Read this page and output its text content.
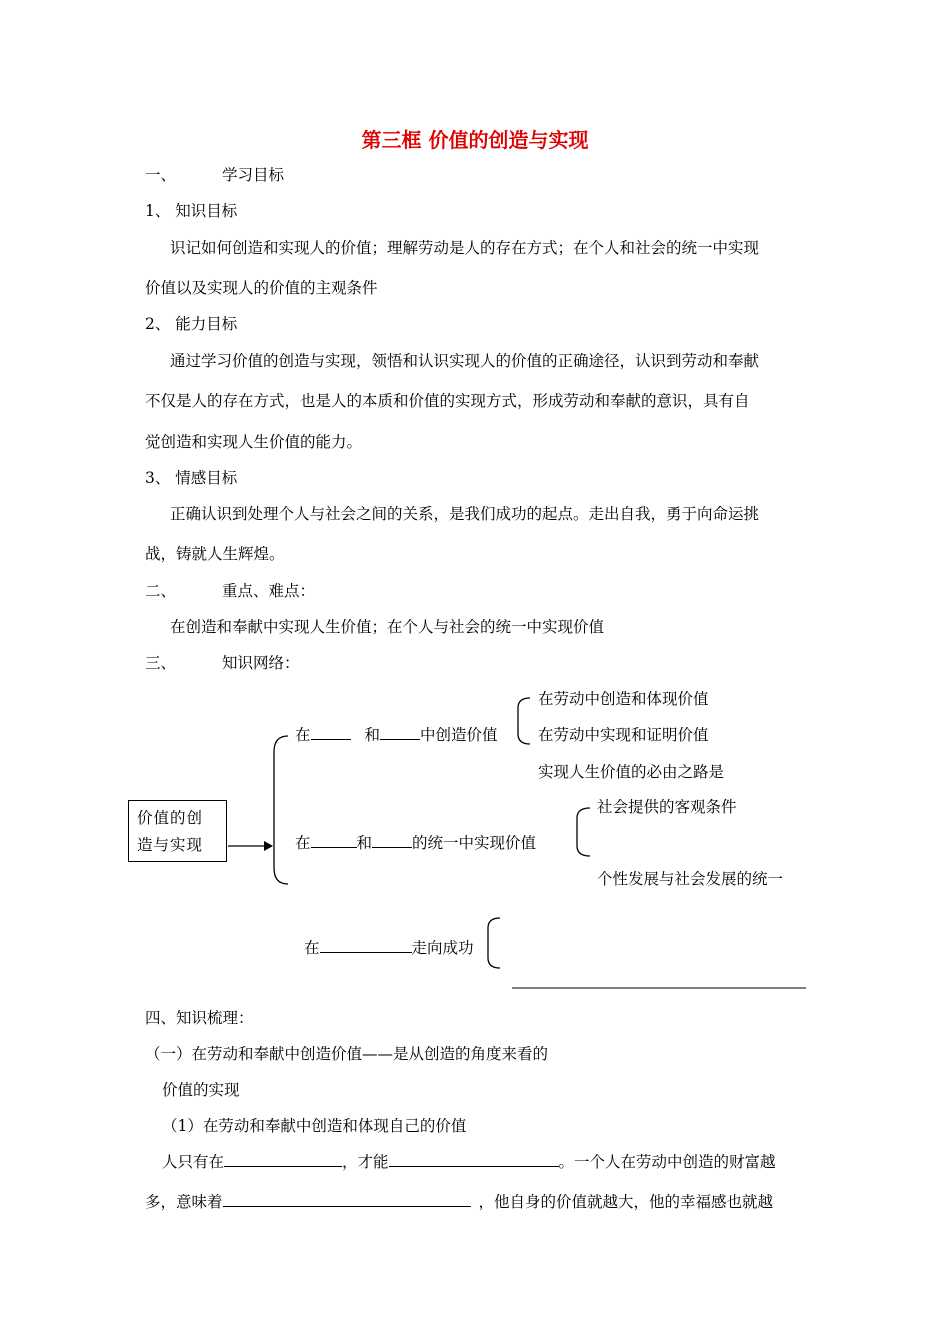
第三框 价值的创造与实现
一、	学习目标
1、 知识目标
识记如何创造和实现人的价值；理解劳动是人的存在方式；在个人和社会的统一中实现
价值以及实现人的价值的主观条件
2、 能力目标
通过学习价值的创造与实现，领悟和认识实现人的价值的正确途径，认识到劳动和奉献
不仅是人的存在方式，也是人的本质和价值的实现方式，形成劳动和奉献的意识，具有自
觉创造和实现人生价值的能力。
3、 情感目标
正确认识到处理个人与社会之间的关系，是我们成功的起点。走出自我，勇于向命运挑
战，铸就人生辉煌。
二、	重点、难点：
在创造和奉献中实现人生价值；在个人与社会的统一中实现价值
三、	知识网络：
价值的创
造与实现
在	和	中创造价值
在劳动中创造和体现价值
在劳动中实现和证明价值
实现人生价值的必由之路是
在	和	的统一中实现价值
社会提供的客观条件
个性发展与社会发展的统一
在	走向成功
四、知识梳理：
（一）在劳动和奉献中创造价值——是从创造的角度来看的
价值的实现
（1）在劳动和奉献中创造和体现自己的价值
人只有在	，才能	。一个人在劳动中创造的财富越
多，意味着	，他自身的价值就越大，他的幸福感也就越
